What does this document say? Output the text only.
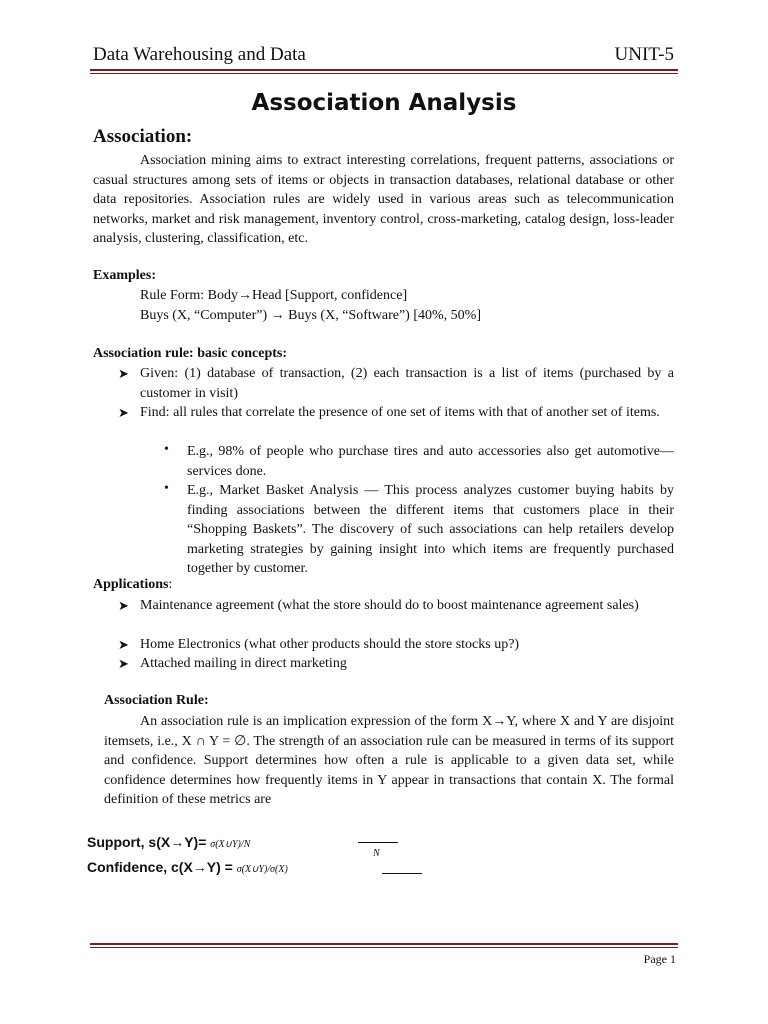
Data Warehousing and Data	UNIT-5
Association Analysis
Association:
Association mining aims to extract interesting correlations, frequent patterns, associations or casual structures among sets of items or objects in transaction databases, relational database or other data repositories. Association rules are widely used in various areas such as telecommunication networks, market and risk management, inventory control, cross-marketing, catalog design, loss-leader analysis, clustering, classification, etc.
Examples:
Rule Form: Body→Head [Support, confidence]
Buys (X, “Computer”) → Buys (X, “Software”) [40%, 50%]
Association rule: basic concepts:
➤ Given: (1) database of transaction, (2) each transaction is a list of items (purchased by a customer in visit)
➤ Find: all rules that correlate the presence of one set of items with that of another set of items.
• E.g., 98% of people who purchase tires and auto accessories also get automotive—services done.
• E.g., Market Basket Analysis — This process analyzes customer buying habits by finding associations between the different items that customers place in their “Shopping Baskets”. The discovery of such associations can help retailers develop marketing strategies by gaining insight into which items are frequently purchased together by customer.
Applications:
➤ Maintenance agreement (what the store should do to boost maintenance agreement sales)
➤ Home Electronics (what other products should the store stocks up?)
➤ Attached mailing in direct marketing
Association Rule:
An association rule is an implication expression of the form X→Y, where X and Y are disjoint itemsets, i.e., X ∩ Y = ∅. The strength of an association rule can be measured in terms of its support and confidence. Support determines how often a rule is applicable to a given data set, while confidence determines how frequently items in Y appear in transactions that contain X. The formal definition of these metrics are
Support, s(X→Y)= σ(X∪Y)/N
N
Confidence, c(X→Y) = σ(X∪Y)/σ(X)
Page 1
